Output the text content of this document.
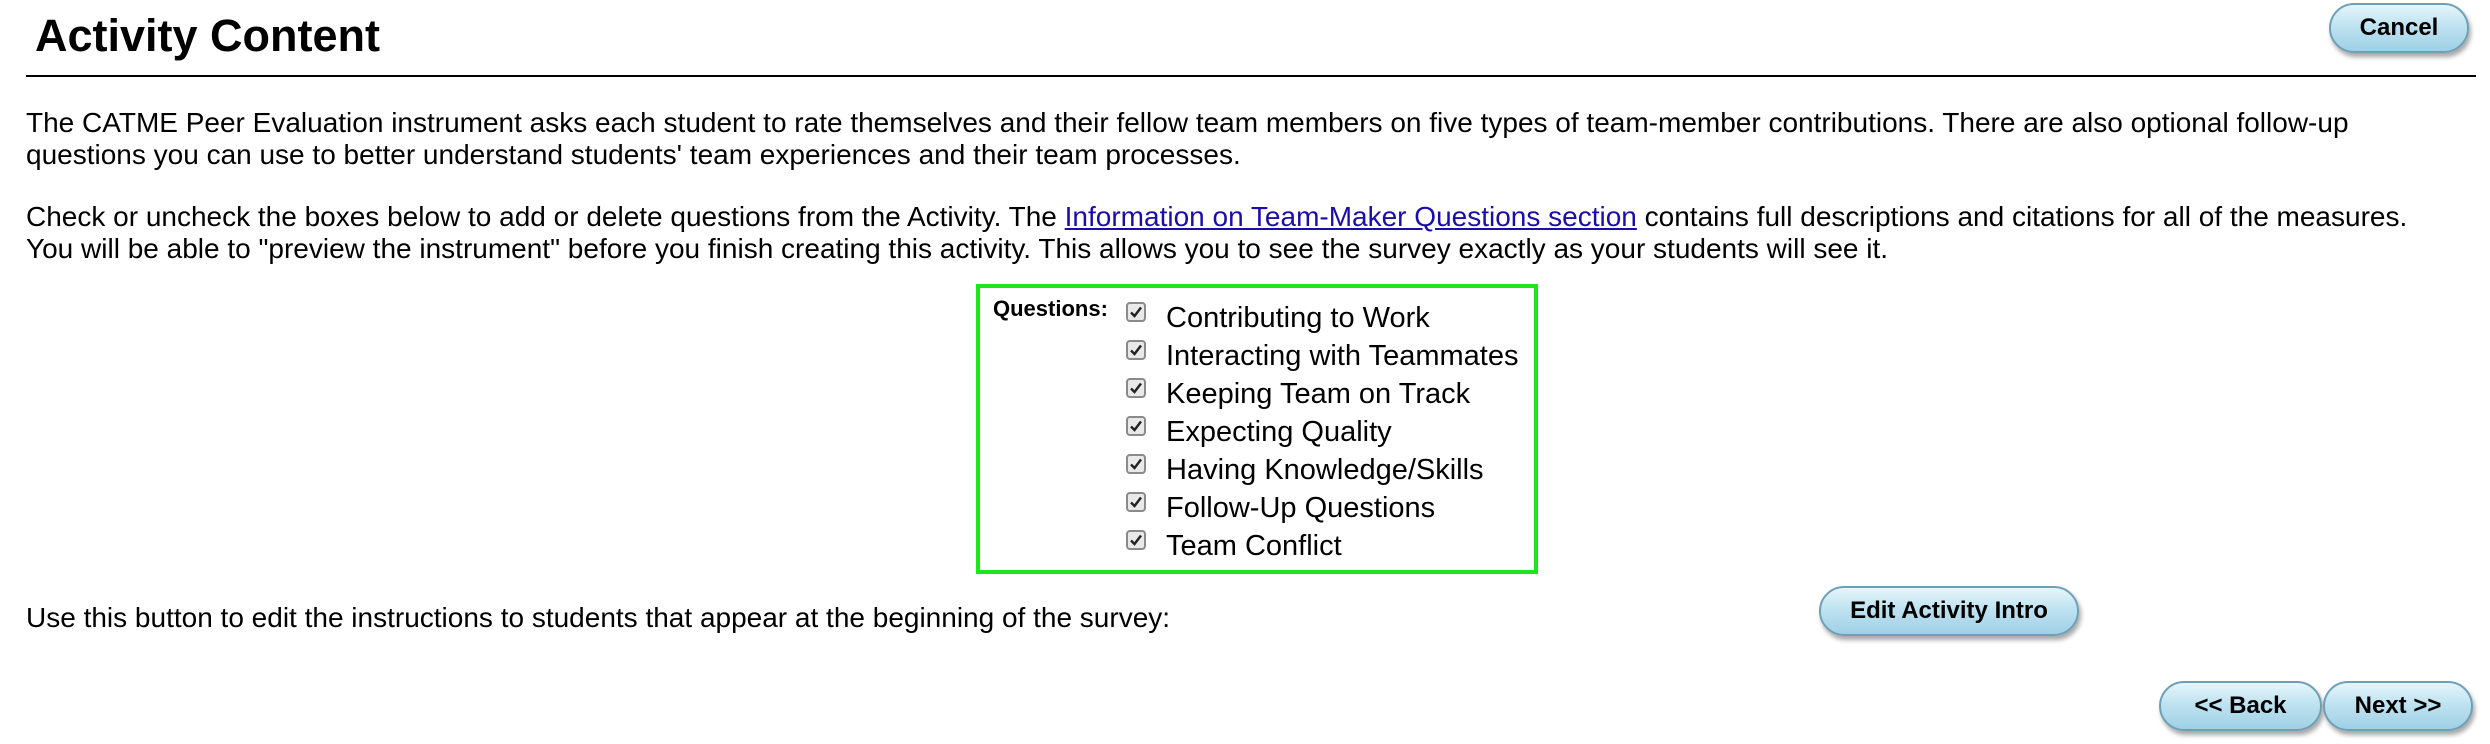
Activity Content	Cancel

The CATME Peer Evaluation instrument asks each student to rate themselves and their fellow team members on five types of team-member contributions. There are also optional follow-up questions you can use to better understand students' team experiences and their team processes.

Check or uncheck the boxes below to add or delete questions from the Activity. The Information on Team-Maker Questions section contains full descriptions and citations for all of the measures. You will be able to "preview the instrument" before you finish creating this activity. This allows you to see the survey exactly as your students will see it.

Questions: Contributing to Work
Interacting with Teammates
Keeping Team on Track
Expecting Quality
Having Knowledge/Skills
Follow-Up Questions
Team Conflict

Use this button to edit the instructions to students that appear at the beginning of the survey:	Edit Activity Intro
<< Back	Next >>
